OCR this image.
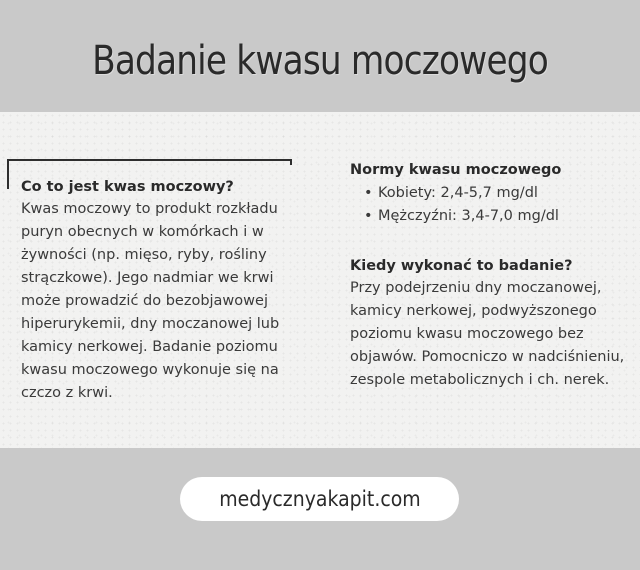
Badanie kwasu moczowego
Co to jest kwas moczowy?
Kwas moczowy to produkt rozkładu puryn obecnych w komórkach i w żywności (np. mięso, ryby, rośliny strączkowe). Jego nadmiar we krwi może prowadzić do bezobjawowej hiperurykemii, dny moczanowej lub kamicy nerkowej. Badanie poziomu kwasu moczowego wykonuje się na czczo z krwi.
Normy kwasu moczowego
• Kobiety: 2,4-5,7 mg/dl
• Mężczyźni: 3,4-7,0 mg/dl
Kiedy wykonać to badanie?
Przy podejrzeniu dny moczanowej, kamicy nerkowej, podwyższonego poziomu kwasu moczowego bez objawów. Pomocniczo w nadciśnieniu, zespole metabolicznych i ch. nerek.
medycznyakapit.com
